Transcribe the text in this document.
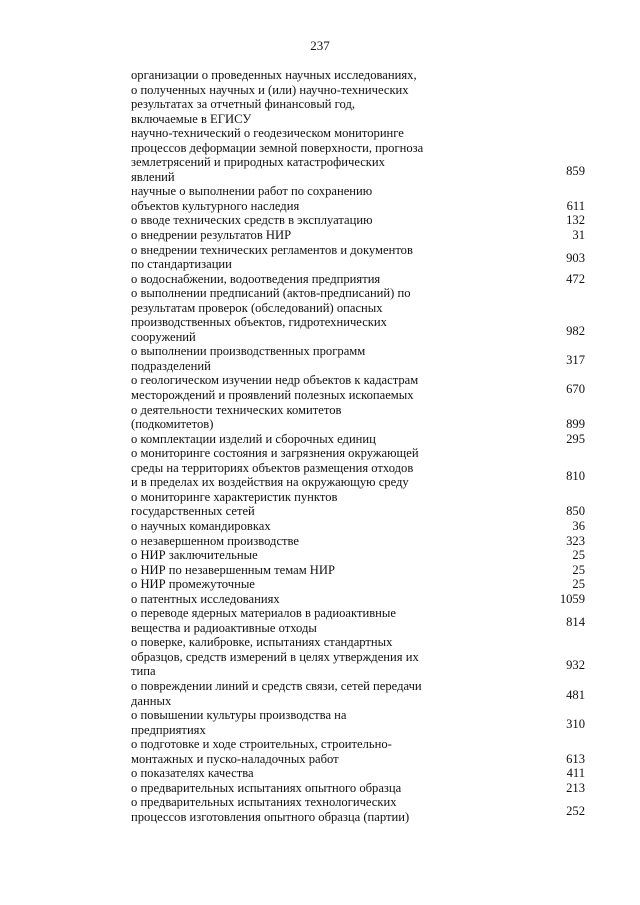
237
организации о проведенных научных исследованиях,
о полученных научных и (или) научно-технических
результатах за отчетный финансовый год,
включаемые в ЕГИСУ
научно-технический о геодезическом мониторинге
процессов деформации земной поверхности, прогноза
землетрясений и природных катастрофических
явлений	859
научные о выполнении работ по сохранению
объектов культурного наследия	611
о вводе технических средств в эксплуатацию	132
о внедрении результатов НИР	31
о внедрении технических регламентов и документов
по стандартизации	903
о водоснабжении, водоотведения предприятия	472
о выполнении предписаний (актов-предписаний) по
результатам проверок (обследований) опасных
производственных объектов, гидротехнических
сооружений	982
о выполнении производственных программ
подразделений	317
о геологическом изучении недр объектов к кадастрам
месторождений и проявлений полезных ископаемых	670
о деятельности технических комитетов
(подкомитетов)	899
о комплектации изделий и сборочных единиц	295
о мониторинге состояния и загрязнения окружающей
среды на территориях объектов размещения отходов
и в пределах их воздействия на окружающую среду	810
о мониторинге характеристик пунктов
государственных сетей	850
о научных командировках	36
о незавершенном производстве	323
о НИР заключительные	25
о НИР по незавершенным темам НИР	25
о НИР промежуточные	25
о патентных исследованиях	1059
о переводе ядерных материалов в радиоактивные
вещества и радиоактивные отходы	814
о поверке, калибровке, испытаниях стандартных
образцов, средств измерений в целях утверждения их
типа	932
о повреждении линий и средств связи, сетей передачи
данных	481
о повышении культуры производства на
предприятиях	310
о подготовке и ходе строительных, строительно-
монтажных и пуско-наладочных работ	613
о показателях качества	411
о предварительных испытаниях опытного образца	213
о предварительных испытаниях технологических
процессов изготовления опытного образца (партии)	252
